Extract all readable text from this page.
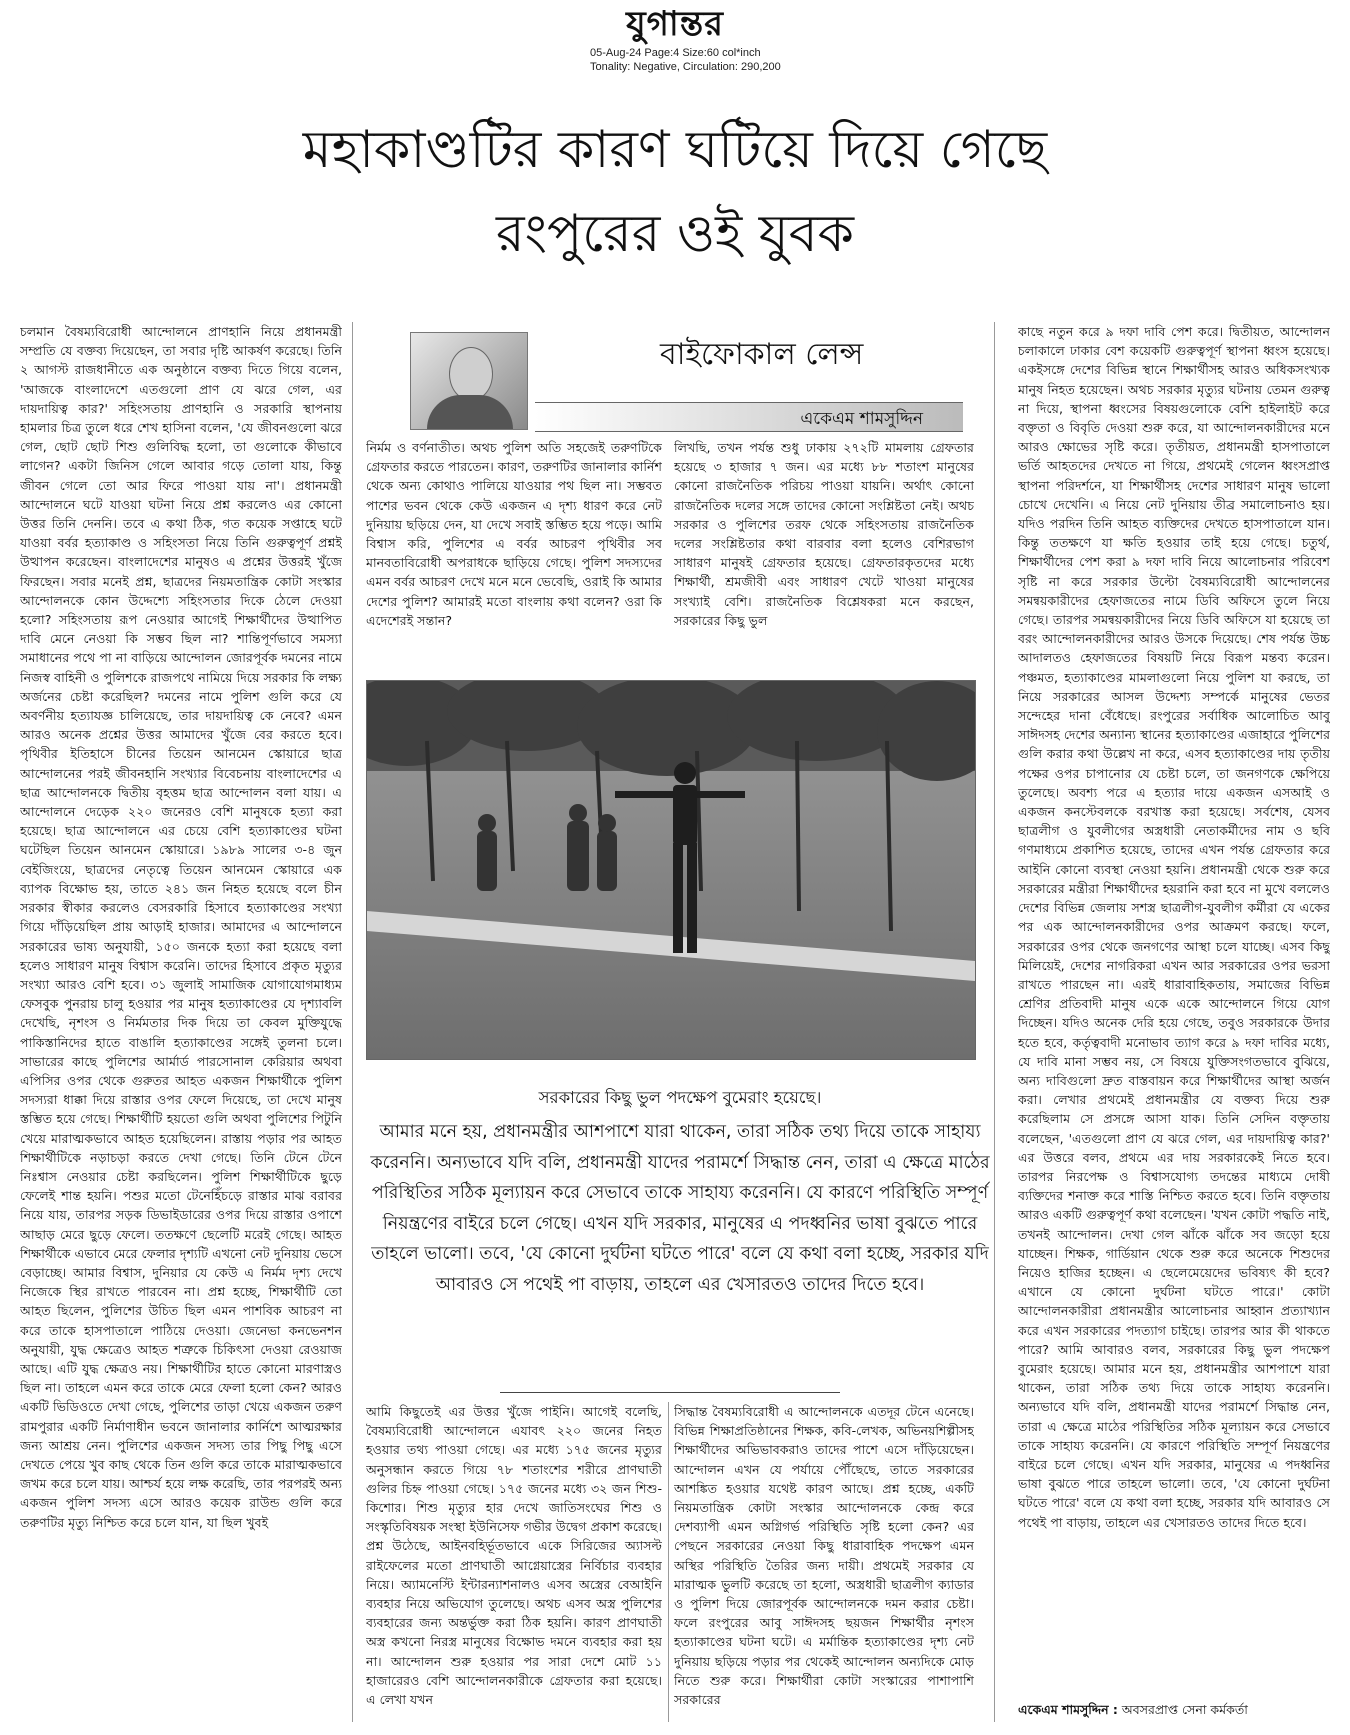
যুগান্তর
05-Aug-24 Page:4 Size:60 col*inch
Tonality: Negative, Circulation: 290,200
মহাকাণ্ডটির কারণ ঘটিয়ে দিয়ে গেছে
রংপুরের ওই যুবক

চলমান বৈষম্যবিরোধী আন্দোলনে প্রাণহানি নিয়ে প্রধানমন্ত্রী সম্প্রতি যে বক্তব্য দিয়েছেন, তা সবার দৃষ্টি আকর্ষণ করেছে। তিনি ২ আগস্ট রাজধানীতে এক অনুষ্ঠানে বক্তব্য দিতে গিয়ে বলেন, 'আজকে বাংলাদেশে এতগুলো প্রাণ যে ঝরে গেল, এর দায়দায়িত্ব কার?' সহিংসতায় প্রাণহানি ও সরকারি স্থাপনায় হামলার চিত্র তুলে ধরে শেখ হাসিনা বলেন, 'যে জীবনগুলো ঝরে গেল, ছোট ছোট শিশু গুলিবিদ্ধ হলো, তা গুলোকে কীভাবে লাগেন? একটা জিনিস গেলে আবার গড়ে তোলা যায়, কিন্তু জীবন গেলে তো আর ফিরে পাওয়া যায় না'। প্রধানমন্ত্রী আন্দোলনে ঘটে যাওয়া ঘটনা নিয়ে প্রশ্ন করলেও এর কোনো উত্তর তিনি দেননি। তবে এ কথা ঠিক, গত কয়েক সপ্তাহে ঘটে যাওয়া বর্বর হত্যাকাণ্ড ও সহিংসতা নিয়ে তিনি গুরুত্বপূর্ণ প্রশ্নই উত্থাপন করেছেন। বাংলাদেশের মানুষও এ প্রশ্নের উত্তরই খুঁজে ফিরছেন। সবার মনেই প্রশ্ন, ছাত্রদের নিয়মতান্ত্রিক কোটা সংস্কার আন্দোলনকে কোন উদ্দেশ্যে সহিংসতার দিকে ঠেলে দেওয়া হলো? সহিংসতায় রূপ নেওয়ার আগেই শিক্ষার্থীদের উত্থাপিত দাবি মেনে নেওয়া কি সম্ভব ছিল না? শান্তিপূর্ণভাবে সমস্যা সমাধানের পথে পা না বাড়িয়ে আন্দোলন জোরপূর্বক দমনের নামে নিজস্ব বাহিনী ও পুলিশকে রাজপথে নামিয়ে দিয়ে সরকার কি লক্ষ্য অর্জনের চেষ্টা করেছিল? দমনের নামে পুলিশ গুলি করে যে অবর্ণনীয় হত্যাযজ্ঞ চালিয়েছে, তার দায়দায়িত্ব কে নেবে? এমন আরও অনেক প্রশ্নের উত্তর আমাদের খুঁজে বের করতে হবে। পৃথিবীর ইতিহাসে চীনের তিয়েন আনমেন স্কোয়ারে ছাত্র আন্দোলনের পরই জীবনহানি সংখ্যার বিবেচনায় বাংলাদেশের এ ছাত্র আন্দোলনকে দ্বিতীয় বৃহত্তম ছাত্র আন্দোলন বলা যায়। এ আন্দোলনে দেড়েক ২২০ জনেরও বেশি মানুষকে হত্যা করা হয়েছে। ছাত্র আন্দোলনে এর চেয়ে বেশি হত্যাকাণ্ডের ঘটনা ঘটেছিল তিয়েন আনমেন স্কোয়ারে। ১৯৮৯ সালের ৩-৪ জুন বেইজিংয়ে, ছাত্রদের নেতৃত্বে তিয়েন আনমেন স্কোয়ারে এক ব্যাপক বিক্ষোভ হয়, তাতে ২৪১ জন নিহত হয়েছে বলে চীন সরকার স্বীকার করলেও বেসরকারি হিসাবে হত্যাকাণ্ডের সংখ্যা গিয়ে দাঁড়িয়েছিল প্রায় আড়াই হাজার। আমাদের এ আন্দোলনে সরকারের ভাষ্য অনুযায়ী, ১৫০ জনকে হত্যা করা হয়েছে বলা হলেও সাধারণ মানুষ বিশ্বাস করেনি। তাদের হিসাবে প্রকৃত মৃত্যুর সংখ্যা আরও বেশি হবে। ৩১ জুলাই সামাজিক যোগাযোগমাধ্যম ফেসবুক পুনরায় চালু হওয়ার পর মানুষ হত্যাকাণ্ডের যে দৃশ্যাবলি দেখেছি, নৃশংস ও নির্মমতার দিক দিয়ে তা কেবল মুক্তিযুদ্ধে পাকিস্তানিদের হাতে বাঙালি হত্যাকাণ্ডের সঙ্গেই তুলনা চলে। সাভারের কাছে পুলিশের আর্মার্ড পারসোনাল কেরিয়ার অথবা এপিসির ওপর থেকে গুরুতর আহত একজন শিক্ষার্থীকে পুলিশ সদস্যরা ধাক্কা দিয়ে রাস্তার ওপর ফেলে দিয়েছে, তা দেখে মানুষ স্তম্ভিত হয়ে গেছে। শিক্ষার্থীটি হয়তো গুলি অথবা পুলিশের পিটুনি খেয়ে মারাত্মকভাবে আহত হয়েছিলেন। রাস্তায় পড়ার পর আহত শিক্ষার্থীটিকে নড়াচড়া করতে দেখা গেছে। তিনি টেনে টেনে নিঃশ্বাস নেওয়ার চেষ্টা করছিলেন। পুলিশ শিক্ষার্থীটিকে ছুড়ে ফেলেই শান্ত হয়নি। পশুর মতো টেনেহিঁচড়ে রাস্তার মাঝ বরাবর নিয়ে যায়, তারপর সড়ক ডিভাইডারের ওপর দিয়ে রাস্তার ওপাশে আছাড় মেরে ছুড়ে ফেলে। ততক্ষণে ছেলেটি মরেই গেছে। আহত শিক্ষার্থীকে এভাবে মেরে ফেলার দৃশ্যটি এখনো নেট দুনিয়ায় ভেসে বেড়াচ্ছে। আমার বিশ্বাস, দুনিয়ার যে কেউ এ নির্মম দৃশ্য দেখে নিজেকে স্থির রাখতে পারবেন না। প্রশ্ন হচ্ছে, শিক্ষার্থীটি তো আহত ছিলেন, পুলিশের উচিত ছিল এমন পাশবিক আচরণ না করে তাকে হাসপাতালে পাঠিয়ে দেওয়া। জেনেভা কনভেনশন অনুযায়ী, যুদ্ধ ক্ষেত্রেও আহত শত্রুকে চিকিৎসা দেওয়া রেওয়াজ আছে। এটি যুদ্ধ ক্ষেত্রও নয়। শিক্ষার্থীটির হাতে কোনো মারণাস্ত্রও ছিল না। তাহলে এমন করে তাকে মেরে ফেলা হলো কেন? আরও একটি ভিডিওতে দেখা গেছে, পুলিশের তাড়া খেয়ে একজন তরুণ রামপুরার একটি নির্মাণাধীন ভবনে জানালার কার্নিশে আত্মরক্ষার জন্য আশ্রয় নেন। পুলিশের একজন সদস্য তার পিছু পিছু এসে দেখতে পেয়ে খুব কাছ থেকে তিন গুলি করে তাকে মারাত্মকভাবে জখম করে চলে যায়। আশ্চর্য হয়ে লক্ষ করেছি, তার পরপরই অন্য একজন পুলিশ সদস্য এসে আরও কয়েক রাউন্ড গুলি করে তরুণটির মৃত্যু নিশ্চিত করে চলে যান, যা ছিল খুবই

বাইফোকাল লেন্স
একেএম শামসুদ্দিন

নির্মম ও বর্ণনাতীত। অথচ পুলিশ অতি সহজেই তরুণটিকে গ্রেফতার করতে পারতেন। কারণ, তরুণটির জানালার কার্নিশ থেকে অন্য কোথাও পালিয়ে যাওয়ার পথ ছিল না। সম্ভবত পাশের ভবন থেকে কেউ একজন এ দৃশ্য ধারণ করে নেট দুনিয়ায় ছড়িয়ে দেন, যা দেখে সবাই স্তম্ভিত হয়ে পড়ে। আমি বিশ্বাস করি, পুলিশের এ বর্বর আচরণ পৃথিবীর সব মানবতাবিরোধী অপরাধকে ছাড়িয়ে গেছে। পুলিশ সদস্যদের এমন বর্বর আচরণ দেখে মনে মনে ভেবেছি, ওরাই কি আমার দেশের পুলিশ? আমারই মতো বাংলায় কথা বলেন? ওরা কি এদেশেরই সন্তান?

লিখছি, তখন পর্যন্ত শুধু ঢাকায় ২৭২টি মামলায় গ্রেফতার হয়েছে ৩ হাজার ৭ জন। এর মধ্যে ৮৮ শতাংশ মানুষের কোনো রাজনৈতিক পরিচয় পাওয়া যায়নি। অর্থাৎ কোনো রাজনৈতিক দলের সঙ্গে তাদের কোনো সংশ্লিষ্টতা নেই। অথচ সরকার ও পুলিশের তরফ থেকে সহিংসতায় রাজনৈতিক দলের সংশ্লিষ্টতার কথা বারবার বলা হলেও বেশিরভাগ সাধারণ মানুষই গ্রেফতার হয়েছে। গ্রেফতারকৃতদের মধ্যে শিক্ষার্থী, শ্রমজীবী এবং সাধারণ খেটে খাওয়া মানুষের সংখ্যাই বেশি। রাজনৈতিক বিশ্লেষকরা মনে করছেন, সরকারের কিছু ভুল

সরকারের কিছু ভুল পদক্ষেপ বুমেরাং হয়েছে।
আমার মনে হয়, প্রধানমন্ত্রীর আশপাশে যারা থাকেন, তারা সঠিক তথ্য দিয়ে তাকে সাহায্য করেননি। অন্যভাবে যদি বলি, প্রধানমন্ত্রী যাদের পরামর্শে সিদ্ধান্ত নেন, তারা এ ক্ষেত্রে মাঠের পরিস্থিতির সঠিক মূল্যায়ন করে সেভাবে তাকে সাহায্য করেননি। যে কারণে পরিস্থিতি সম্পূর্ণ নিয়ন্ত্রণের বাইরে চলে গেছে। এখন যদি সরকার, মানুষের এ পদধ্বনির ভাষা বুঝতে পারে তাহলে ভালো। তবে, 'যে কোনো দুর্ঘটনা ঘটতে পারে' বলে যে কথা বলা হচ্ছে, সরকার যদি আবারও সে পথেই পা বাড়ায়, তাহলে এর খেসারতও তাদের দিতে হবে।

আমি কিছুতেই এর উত্তর খুঁজে পাইনি। আগেই বলেছি, বৈষম্যবিরোধী আন্দোলনে এযাবৎ ২২০ জনের নিহত হওয়ার তথ্য পাওয়া গেছে। এর মধ্যে ১৭৫ জনের মৃত্যুর অনুসন্ধান করতে গিয়ে ৭৮ শতাংশের শরীরে প্রাণঘাতী গুলির চিহ্ন পাওয়া গেছে। ১৭৫ জনের মধ্যে ৩২ জন শিশু-কিশোর। শিশু মৃত্যুর হার দেখে জাতিসংঘের শিশু ও সংস্কৃতিবিষয়ক সংস্থা ইউনিসেফ গভীর উদ্বেগ প্রকাশ করেছে। প্রশ্ন উঠেছে, আইনবহির্ভূতভাবে একে সিরিজের অ্যাসল্ট রাইফেলের মতো প্রাণঘাতী আগ্নেয়াস্ত্রের নির্বিচার ব্যবহার নিয়ে। অ্যামনেস্টি ইন্টারন্যাশনালও এসব অস্ত্রের বেআইনি ব্যবহার নিয়ে অভিযোগ তুলেছে। অথচ এসব অস্ত্র পুলিশের ব্যবহারের জন্য অন্তর্ভুক্ত করা ঠিক হয়নি। কারণ প্রাণঘাতী অস্ত্র কখনো নিরস্ত্র মানুষের বিক্ষোভ দমনে ব্যবহার করা হয় না। আন্দোলন শুরু হওয়ার পর সারা দেশে মোট ১১ হাজারেরও বেশি আন্দোলনকারীকে গ্রেফতার করা হয়েছে। এ লেখা যখন

সিদ্ধান্ত বৈষম্যবিরোধী এ আন্দোলনকে এতদূর টেনে এনেছে। বিভিন্ন শিক্ষাপ্রতিষ্ঠানের শিক্ষক, কবি-লেখক, অভিনয়শিল্পীসহ শিক্ষার্থীদের অভিভাবকরাও তাদের পাশে এসে দাঁড়িয়েছেন। আন্দোলন এখন যে পর্যায়ে পৌঁছেছে, তাতে সরকারের আশঙ্কিত হওয়ার যথেষ্ট কারণ আছে। প্রশ্ন হচ্ছে, একটি নিয়মতান্ত্রিক কোটা সংস্কার আন্দোলনকে কেন্দ্র করে দেশব্যাপী এমন অগ্নিগর্ভ পরিস্থিতি সৃষ্টি হলো কেন? এর পেছনে সরকারের নেওয়া কিছু ধারাবাহিক পদক্ষেপ এমন অস্থির পরিস্থিতি তৈরির জন্য দায়ী। প্রথমেই সরকার যে মারাত্মক ভুলটি করেছে তা হলো, অস্ত্রধারী ছাত্রলীগ ক্যাডার ও পুলিশ দিয়ে জোরপূর্বক আন্দোলনকে দমন করার চেষ্টা। ফলে রংপুরের আবু সাঈদসহ ছয়জন শিক্ষার্থীর নৃশংস হত্যাকাণ্ডের ঘটনা ঘটে। এ মর্মান্তিক হত্যাকাণ্ডের দৃশ্য নেট দুনিয়ায় ছড়িয়ে পড়ার পর থেকেই আন্দোলন অন্যদিকে মোড় নিতে শুরু করে। শিক্ষার্থীরা কোটা সংস্কারের পাশাপাশি সরকারের

কাছে নতুন করে ৯ দফা দাবি পেশ করে। দ্বিতীয়ত, আন্দোলন চলাকালে ঢাকার বেশ কয়েকটি গুরুত্বপূর্ণ স্থাপনা ধ্বংস হয়েছে। একইসঙ্গে দেশের বিভিন্ন স্থানে শিক্ষার্থীসহ আরও অধিকসংখ্যক মানুষ নিহত হয়েছেন। অথচ সরকার মৃত্যুর ঘটনায় তেমন গুরুত্ব না দিয়ে, স্থাপনা ধ্বংসের বিষয়গুলোকে বেশি হাইলাইট করে বক্তৃতা ও বিবৃতি দেওয়া শুরু করে, যা আন্দোলনকারীদের মনে আরও ক্ষোভের সৃষ্টি করে। তৃতীয়ত, প্রধানমন্ত্রী হাসপাতালে ভর্তি আহতদের দেখতে না গিয়ে, প্রথমেই গেলেন ধ্বংসপ্রাপ্ত স্থাপনা পরিদর্শনে, যা শিক্ষার্থীসহ দেশের সাধারণ মানুষ ভালো চোখে দেখেনি। এ নিয়ে নেট দুনিয়ায় তীব্র সমালোচনাও হয়। যদিও পরদিন তিনি আহত ব্যক্তিদের দেখতে হাসপাতালে যান। কিন্তু ততক্ষণে যা ক্ষতি হওয়ার তাই হয়ে গেছে। চতুর্থ, শিক্ষার্থীদের পেশ করা ৯ দফা দাবি নিয়ে আলোচনার পরিবেশ সৃষ্টি না করে সরকার উল্টো বৈষম্যবিরোধী আন্দোলনের সমন্বয়কারীদের হেফাজতের নামে ডিবি অফিসে তুলে নিয়ে গেছে। তারপর সমন্বয়কারীদের নিয়ে ডিবি অফিসে যা হয়েছে তা বরং আন্দোলনকারীদের আরও উসকে দিয়েছে। শেষ পর্যন্ত উচ্চ আদালতও হেফাজতের বিষয়টি নিয়ে বিরূপ মন্তব্য করেন। পঞ্চমত, হত্যাকাণ্ডের মামলাগুলো নিয়ে পুলিশ যা করছে, তা নিয়ে সরকারের আসল উদ্দেশ্য সম্পর্কে মানুষের ভেতর সন্দেহের দানা বেঁধেছে। রংপুরের সর্বাধিক আলোচিত আবু সাঈদসহ দেশের অন্যান্য স্থানের হত্যাকাণ্ডের এজাহারে পুলিশের গুলি করার কথা উল্লেখ না করে, এসব হত্যাকাণ্ডের দায় তৃতীয় পক্ষের ওপর চাপানোর যে চেষ্টা চলে, তা জনগণকে ক্ষেপিয়ে তুলেছে। অবশ্য পরে এ হত্যার দায়ে একজন এসআই ও একজন কনস্টেবলকে বরখাস্ত করা হয়েছে। সর্বশেষ, যেসব ছাত্রলীগ ও যুবলীগের অস্ত্রধারী নেতাকর্মীদের নাম ও ছবি গণমাধ্যমে প্রকাশিত হয়েছে, তাদের এখন পর্যন্ত গ্রেফতার করে আইনি কোনো ব্যবস্থা নেওয়া হয়নি। প্রধানমন্ত্রী থেকে শুরু করে সরকারের মন্ত্রীরা শিক্ষার্থীদের হয়রানি করা হবে না মুখে বললেও দেশের বিভিন্ন জেলায় সশস্ত্র ছাত্রলীগ-যুবলীগ কর্মীরা যে একের পর এক আন্দোলনকারীদের ওপর আক্রমণ করছে। ফলে, সরকারের ওপর থেকে জনগণের আস্থা চলে যাচ্ছে। এসব কিছু মিলিয়েই, দেশের নাগরিকরা এখন আর সরকারের ওপর ভরসা রাখতে পারছেন না। এরই ধারাবাহিকতায়, সমাজের বিভিন্ন শ্রেণির প্রতিবাদী মানুষ একে একে আন্দোলনে গিয়ে যোগ দিচ্ছেন। যদিও অনেক দেরি হয়ে গেছে, তবুও সরকারকে উদার হতে হবে, কর্তৃত্ববাদী মনোভাব ত্যাগ করে ৯ দফা দাবির মধ্যে, যে দাবি মানা সম্ভব নয়, সে বিষয়ে যুক্তিসংগতভাবে বুঝিয়ে, অন্য দাবিগুলো দ্রুত বাস্তবায়ন করে শিক্ষার্থীদের আস্থা অর্জন করা। লেখার প্রথমেই প্রধানমন্ত্রীর যে বক্তব্য দিয়ে শুরু করেছিলাম সে প্রসঙ্গে আসা যাক। তিনি সেদিন বক্তৃতায় বলেছেন, 'এতগুলো প্রাণ যে ঝরে গেল, এর দায়দায়িত্ব কার?' এর উত্তরে বলব, প্রথমে এর দায় সরকারকেই নিতে হবে। তারপর নিরপেক্ষ ও বিশ্বাসযোগ্য তদন্তের মাধ্যমে দোষী ব্যক্তিদের শনাক্ত করে শাস্তি নিশ্চিত করতে হবে। তিনি বক্তৃতায় আরও একটি গুরুত্বপূর্ণ কথা বলেছেন। 'যখন কোটা পদ্ধতি নাই, তখনই আন্দোলন। দেখা গেল ঝাঁকে ঝাঁকে সব জড়ো হয়ে যাচ্ছেন। শিক্ষক, গার্ডিয়ান থেকে শুরু করে অনেকে শিশুদের নিয়েও হাজির হচ্ছেন। এ ছেলেমেয়েদের ভবিষ্যৎ কী হবে? এখানে যে কোনো দুর্ঘটনা ঘটতে পারে।' কোটা আন্দোলনকারীরা প্রধানমন্ত্রীর আলোচনার আহ্বান প্রত্যাখ্যান করে এখন সরকারের পদত্যাগ চাইছে। তারপর আর কী থাকতে পারে? আমি আবারও বলব, সরকারের কিছু ভুল পদক্ষেপ বুমেরাং হয়েছে। আমার মনে হয়, প্রধানমন্ত্রীর আশপাশে যারা থাকেন, তারা সঠিক তথ্য দিয়ে তাকে সাহায্য করেননি। অন্যভাবে যদি বলি, প্রধানমন্ত্রী যাদের পরামর্শে সিদ্ধান্ত নেন, তারা এ ক্ষেত্রে মাঠের পরিস্থিতির সঠিক মূল্যায়ন করে সেভাবে তাকে সাহায্য করেননি। যে কারণে পরিস্থিতি সম্পূর্ণ নিয়ন্ত্রণের বাইরে চলে গেছে। এখন যদি সরকার, মানুষের এ পদধ্বনির ভাষা বুঝতে পারে তাহলে ভালো। তবে, 'যে কোনো দুর্ঘটনা ঘটতে পারে' বলে যে কথা বলা হচ্ছে, সরকার যদি আবারও সে পথেই পা বাড়ায়, তাহলে এর খেসারতও তাদের দিতে হবে।

একেএম শামসুদ্দিন : অবসরপ্রাপ্ত সেনা কর্মকর্তা
